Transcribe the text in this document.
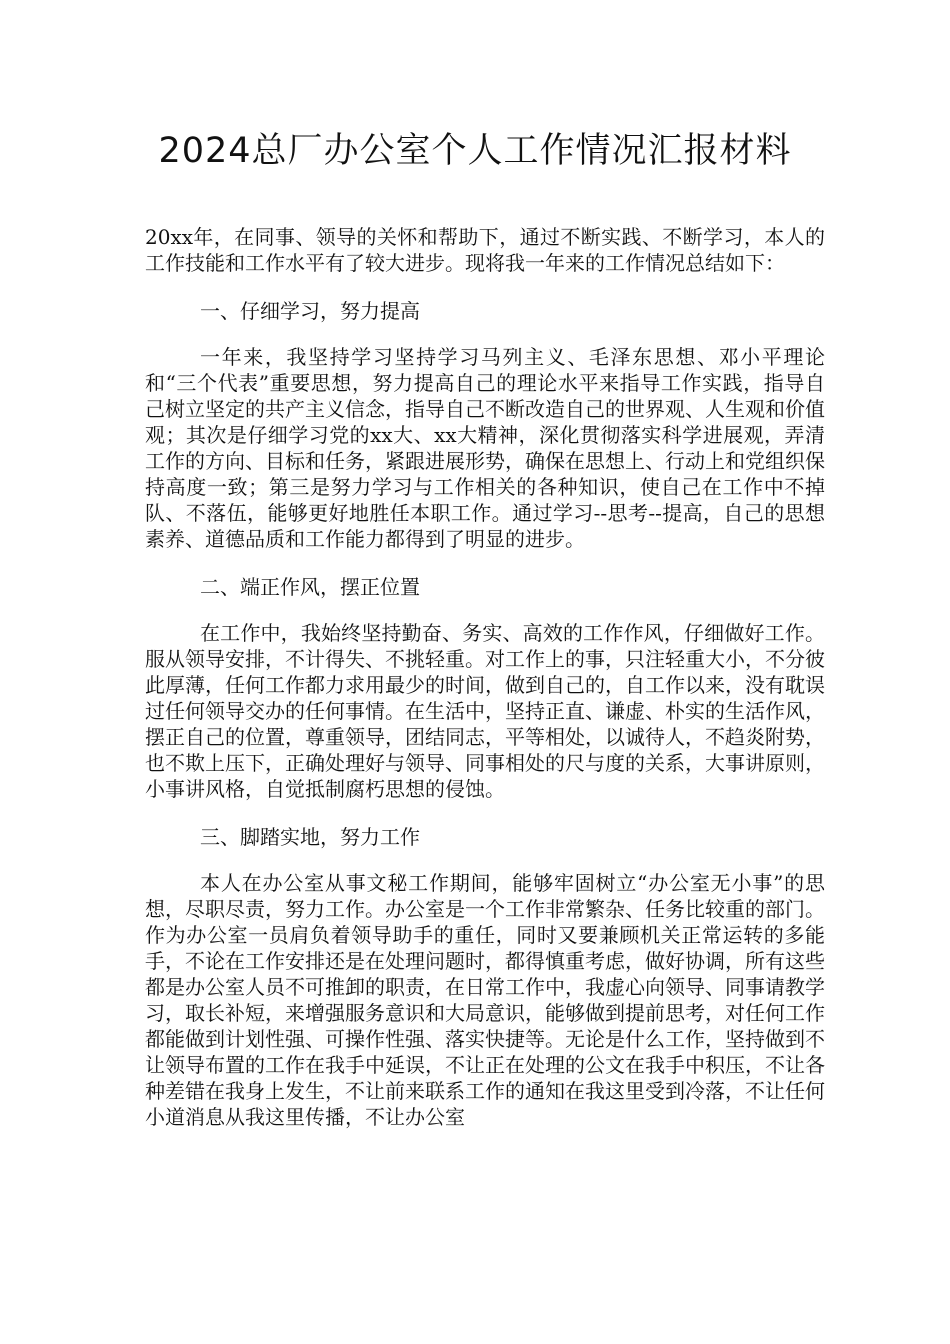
2024总厂办公室个人工作情况汇报材料

20xx年，在同事、领导的关怀和帮助下，通过不断实践、不断学习，本人的工作技能和工作水平有了较大进步。现将我一年来的工作情况总结如下：

一、仔细学习，努力提高

一年来，我坚持学习坚持学习马列主义、毛泽东思想、邓小平理论和“三个代表”重要思想，努力提高自己的理论水平来指导工作实践，指导自己树立坚定的共产主义信念，指导自己不断改造自己的世界观、人生观和价值观；其次是仔细学习党的xx大、xx大精神，深化贯彻落实科学进展观，弄清工作的方向、目标和任务，紧跟进展形势，确保在思想上、行动上和党组织保持高度一致；第三是努力学习与工作相关的各种知识，使自己在工作中不掉队、不落伍，能够更好地胜任本职工作。通过学习--思考--提高，自己的思想素养、道德品质和工作能力都得到了明显的进步。

二、端正作风，摆正位置

在工作中，我始终坚持勤奋、务实、高效的工作作风，仔细做好工作。服从领导安排，不计得失、不挑轻重。对工作上的事，只注轻重大小，不分彼此厚薄，任何工作都力求用最少的时间，做到自己的，自工作以来，没有耽误过任何领导交办的任何事情。在生活中，坚持正直、谦虚、朴实的生活作风，摆正自己的位置，尊重领导，团结同志，平等相处，以诚待人，不趋炎附势，也不欺上压下，正确处理好与领导、同事相处的尺与度的关系，大事讲原则，小事讲风格，自觉抵制腐朽思想的侵蚀。

三、脚踏实地，努力工作

本人在办公室从事文秘工作期间，能够牢固树立“办公室无小事”的思想，尽职尽责，努力工作。办公室是一个工作非常繁杂、任务比较重的部门。作为办公室一员肩负着领导助手的重任，同时又要兼顾机关正常运转的多能手，不论在工作安排还是在处理问题时，都得慎重考虑，做好协调，所有这些都是办公室人员不可推卸的职责，在日常工作中，我虚心向领导、同事请教学习，取长补短，来增强服务意识和大局意识，能够做到提前思考，对任何工作都能做到计划性强、可操作性强、落实快捷等。无论是什么工作，坚持做到不让领导布置的工作在我手中延误，不让正在处理的公文在我手中积压，不让各种差错在我身上发生，不让前来联系工作的通知在我这里受到冷落，不让任何小道消息从我这里传播，不让办公室
